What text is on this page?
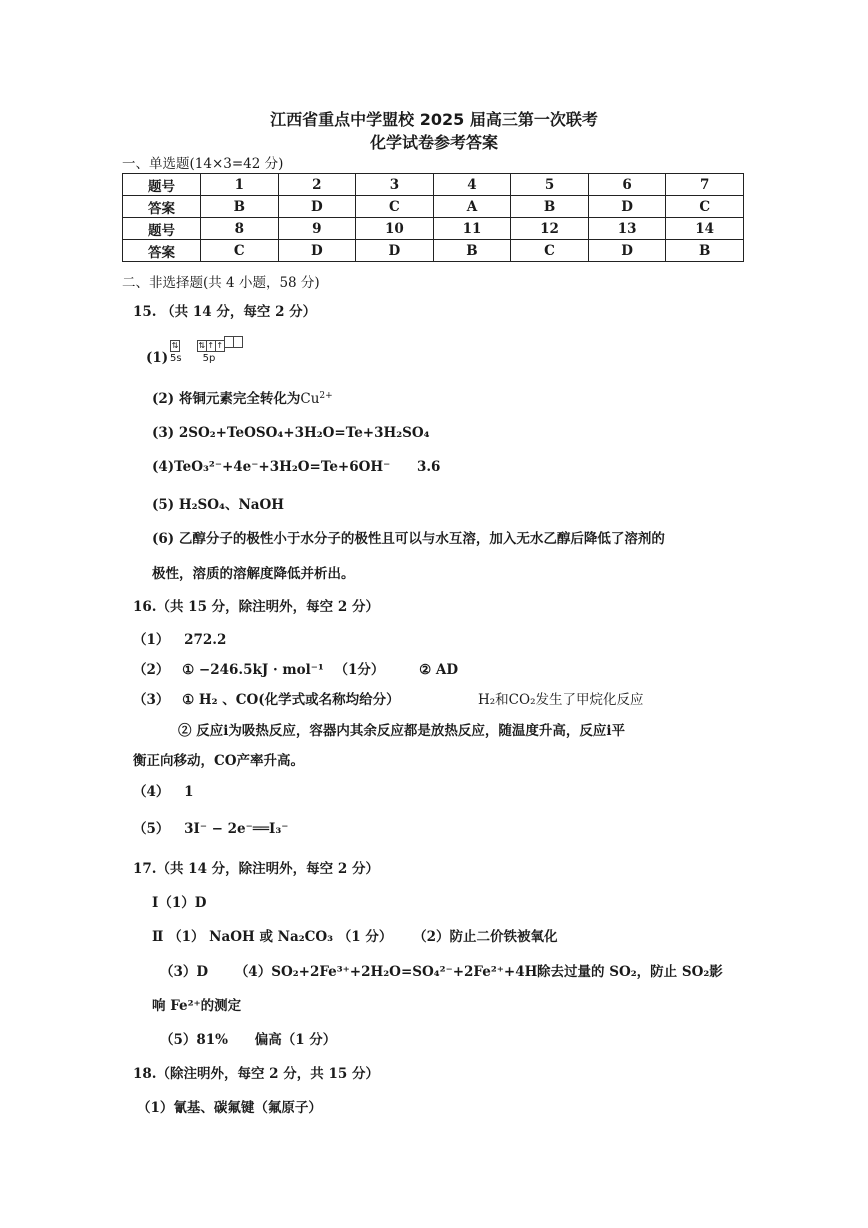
江西省重点中学盟校 2025 届高三第一次联考
化学试卷参考答案
一、单选题(14×3=42 分)
题号	1	2	3	4	5	6	7
答案	B	D	C	A	B	D	C
题号	8	9	10	11	12	13	14
答案	C	D	D	B	C	D	B
二、非选择题(共 4 小题，58 分)
15. （共 14 分，每空 2 分）
(1)
⇅
5s
⇅ ↑ ↑
5p
(2) 将铜元素完全转化为$Cu^{2+}$
(3) 2SO₂+TeOSO₄+3H₂O=Te+3H₂SO₄
(4)TeO₃²⁻+4e⁻+3H₂O=Te+6OH⁻ 3.6
(5) H₂SO₄、NaOH
(6) 乙醇分子的极性小于水分子的极性且可以与水互溶，加入无水乙醇后降低了溶剂的
极性，溶质的溶解度降低并析出。
16.（共 15 分，除注明外，每空 2 分）
（1） 272.2
（2） ① −246.5kJ · mol⁻¹ （1分）	② AD
（3） ① H₂ 、CO(化学式或名称均给分）	H₂和CO₂发生了甲烷化反应
② 反应i为吸热反应，容器内其余反应都是放热反应，随温度升高，反应i平
衡正向移动，CO产率升高。
（4） 1
（5） 3I⁻ − 2e⁻══I₃⁻
17.（共 14 分，除注明外，每空 2 分）
Ⅰ（1）D
Ⅱ （1） NaOH 或 Na₂CO₃ （1 分） （2）防止二价铁被氧化
（3）D （4）SO₂+2Fe³⁺+2H₂O=SO₄²⁻+2Fe²⁺+4H⁺
除去过量的 SO₂，防止 SO₂影
响 Fe²⁺的测定
（5）81% 偏高（1 分）
18.（除注明外，每空 2 分，共 15 分）
（1）氰基、碳氟键（氟原子）
